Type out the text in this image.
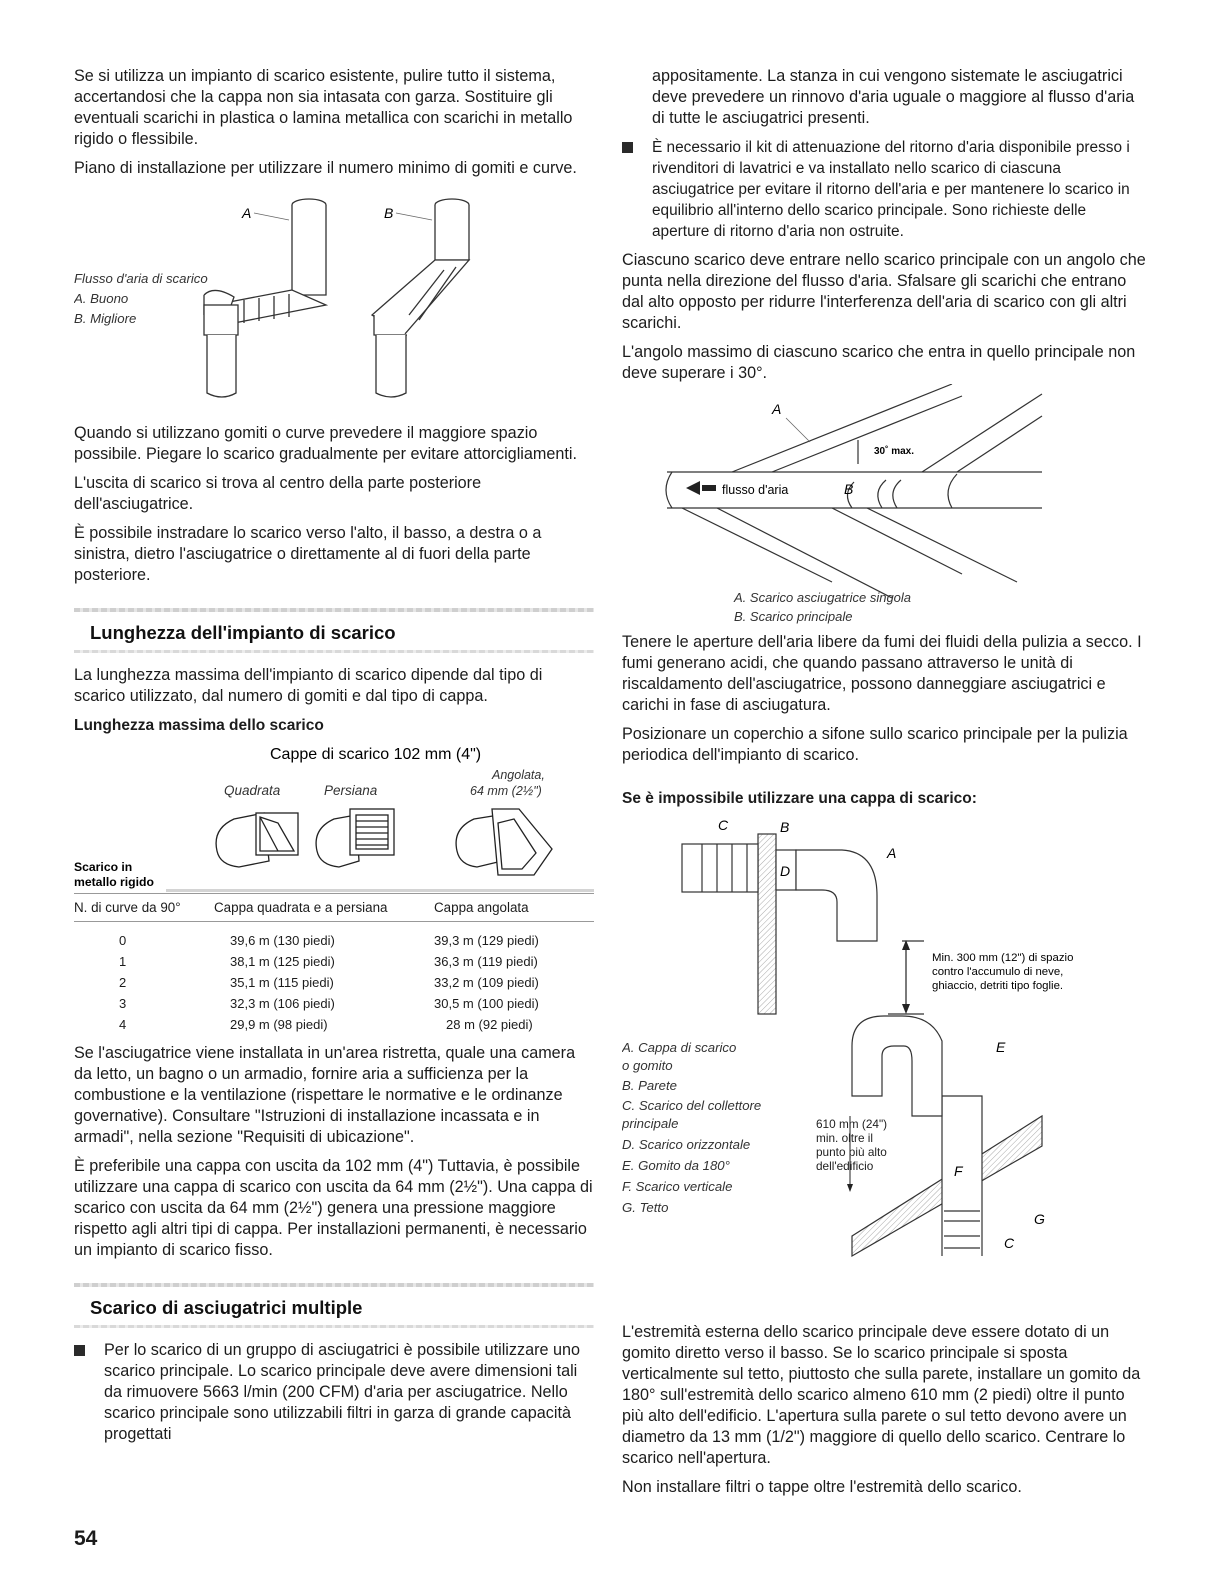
Se si utilizza un impianto di scarico esistente, pulire tutto il sistema, accertandosi che la cappa non sia intasata con garza. Sostituire gli eventuali scarichi in plastica o lamina metallica con scarichi in metallo rigido o flessibile.

Piano di installazione per utilizzare il numero minimo di gomiti e curve.

A	B
Flusso d'aria di scarico
A. Buono
B. Migliore

Quando si utilizzano gomiti o curve prevedere il maggiore spazio possibile. Piegare lo scarico gradualmente per evitare attorcigliamenti.

L'uscita di scarico si trova al centro della parte posteriore dell'asciugatrice.

È possibile instradare lo scarico verso l'alto, il basso, a destra o a sinistra, dietro l'asciugatrice o direttamente al di fuori della parte posteriore.

Lunghezza dell'impianto di scarico

La lunghezza massima dell'impianto di scarico dipende dal tipo di scarico utilizzato, dal numero di gomiti e dal tipo di cappa.

Lunghezza massima dello scarico
Cappe di scarico 102 mm (4")
Quadrata	Persiana
Angolata,
64 mm (2½")
Scarico in
metallo rigido
N. di curve da 90°	Cappa quadrata e a persiana	Cappa angolata

0	39,6 m (130 piedi)	39,3 m (129 piedi)
1	38,1 m (125 piedi)	36,3 m (119 piedi)
2	35,1 m (115 piedi)	33,2 m (109 piedi)
3	32,3 m (106 piedi)	30,5 m (100 piedi)
4	29,9 m (98 piedi)	28 m (92 piedi)

Se l'asciugatrice viene installata in un'area ristretta, quale una camera da letto, un bagno o un armadio, fornire aria a sufficienza per la combustione e la ventilazione (rispettare le normative e le ordinanze governative). Consultare "Istruzioni di installazione incassata e in armadi", nella sezione "Requisiti di ubicazione".

È preferibile una cappa con uscita da 102 mm (4") Tuttavia, è possibile utilizzare una cappa di scarico con uscita da 64 mm (2½"). Una cappa di scarico con uscita da 64 mm (2½") genera una pressione maggiore rispetto agli altri tipi di cappa. Per installazioni permanenti, è necessario un impianto di scarico fisso.

Scarico di asciugatrici multiple

Per lo scarico di un gruppo di asciugatrici è possibile utilizzare uno scarico principale. Lo scarico principale deve avere dimensioni tali da rimuovere 5663 l/min (200 CFM) d'aria per asciugatrice. Nello scarico principale sono utilizzabili filtri in garza di grande capacità progettati

appositamente. La stanza in cui vengono sistemate le asciugatrici deve prevedere un rinnovo d'aria uguale o maggiore al flusso d'aria di tutte le asciugatrici presenti.

È necessario il kit di attenuazione del ritorno d'aria disponibile presso i rivenditori di lavatrici e va installato nello scarico di ciascuna asciugatrice per evitare il ritorno dell'aria e per mantenere lo scarico in equilibrio all'interno dello scarico principale. Sono richieste delle aperture di ritorno d'aria non ostruite.

Ciascuno scarico deve entrare nello scarico principale con un angolo che punta nella direzione del flusso d'aria. Sfalsare gli scarichi che entrano dal alto opposto per ridurre l'interferenza dell'aria di scarico con gli altri scarichi.

L'angolo massimo di ciascuno scarico che entra in quello principale non deve superare i 30°.

A
30˚ max.
flusso d'aria	B
A. Scarico asciugatrice singola
B. Scarico principale

Tenere le aperture dell'aria libere da fumi dei fluidi della pulizia a secco. I fumi generano acidi, che quando passano attraverso le unità di riscaldamento dell'asciugatrice, possono danneggiare asciugatrici e carichi in fase di asciugatura.

Posizionare un coperchio a sifone sullo scarico principale per la pulizia periodica dell'impianto di scarico.

Se è impossibile utilizzare una cappa di scarico:
C	B
D
A
Min. 300 mm (12") di spazio
contro l'accumulo di neve,
ghiaccio, detriti tipo foglie.
A. Cappa di scarico
o gomito
B. Parete
C. Scarico del collettore
principale
D. Scarico orizzontale
E. Gomito da 180°
F. Scarico verticale
G. Tetto
610 mm (24")
min. oltre il
punto più alto
dell'edificio
E
F
G
C

L'estremità esterna dello scarico principale deve essere dotato di un gomito diretto verso il basso. Se lo scarico principale si sposta verticalmente sul tetto, piuttosto che sulla parete, installare un gomito da 180° sull'estremità dello scarico almeno 610 mm (2 piedi) oltre il punto più alto dell'edificio. L'apertura sulla parete o sul tetto devono avere un diametro da 13 mm (1/2") maggiore di quello dello scarico. Centrare lo scarico nell'apertura.

Non installare filtri o tappe oltre l'estremità dello scarico.

54
